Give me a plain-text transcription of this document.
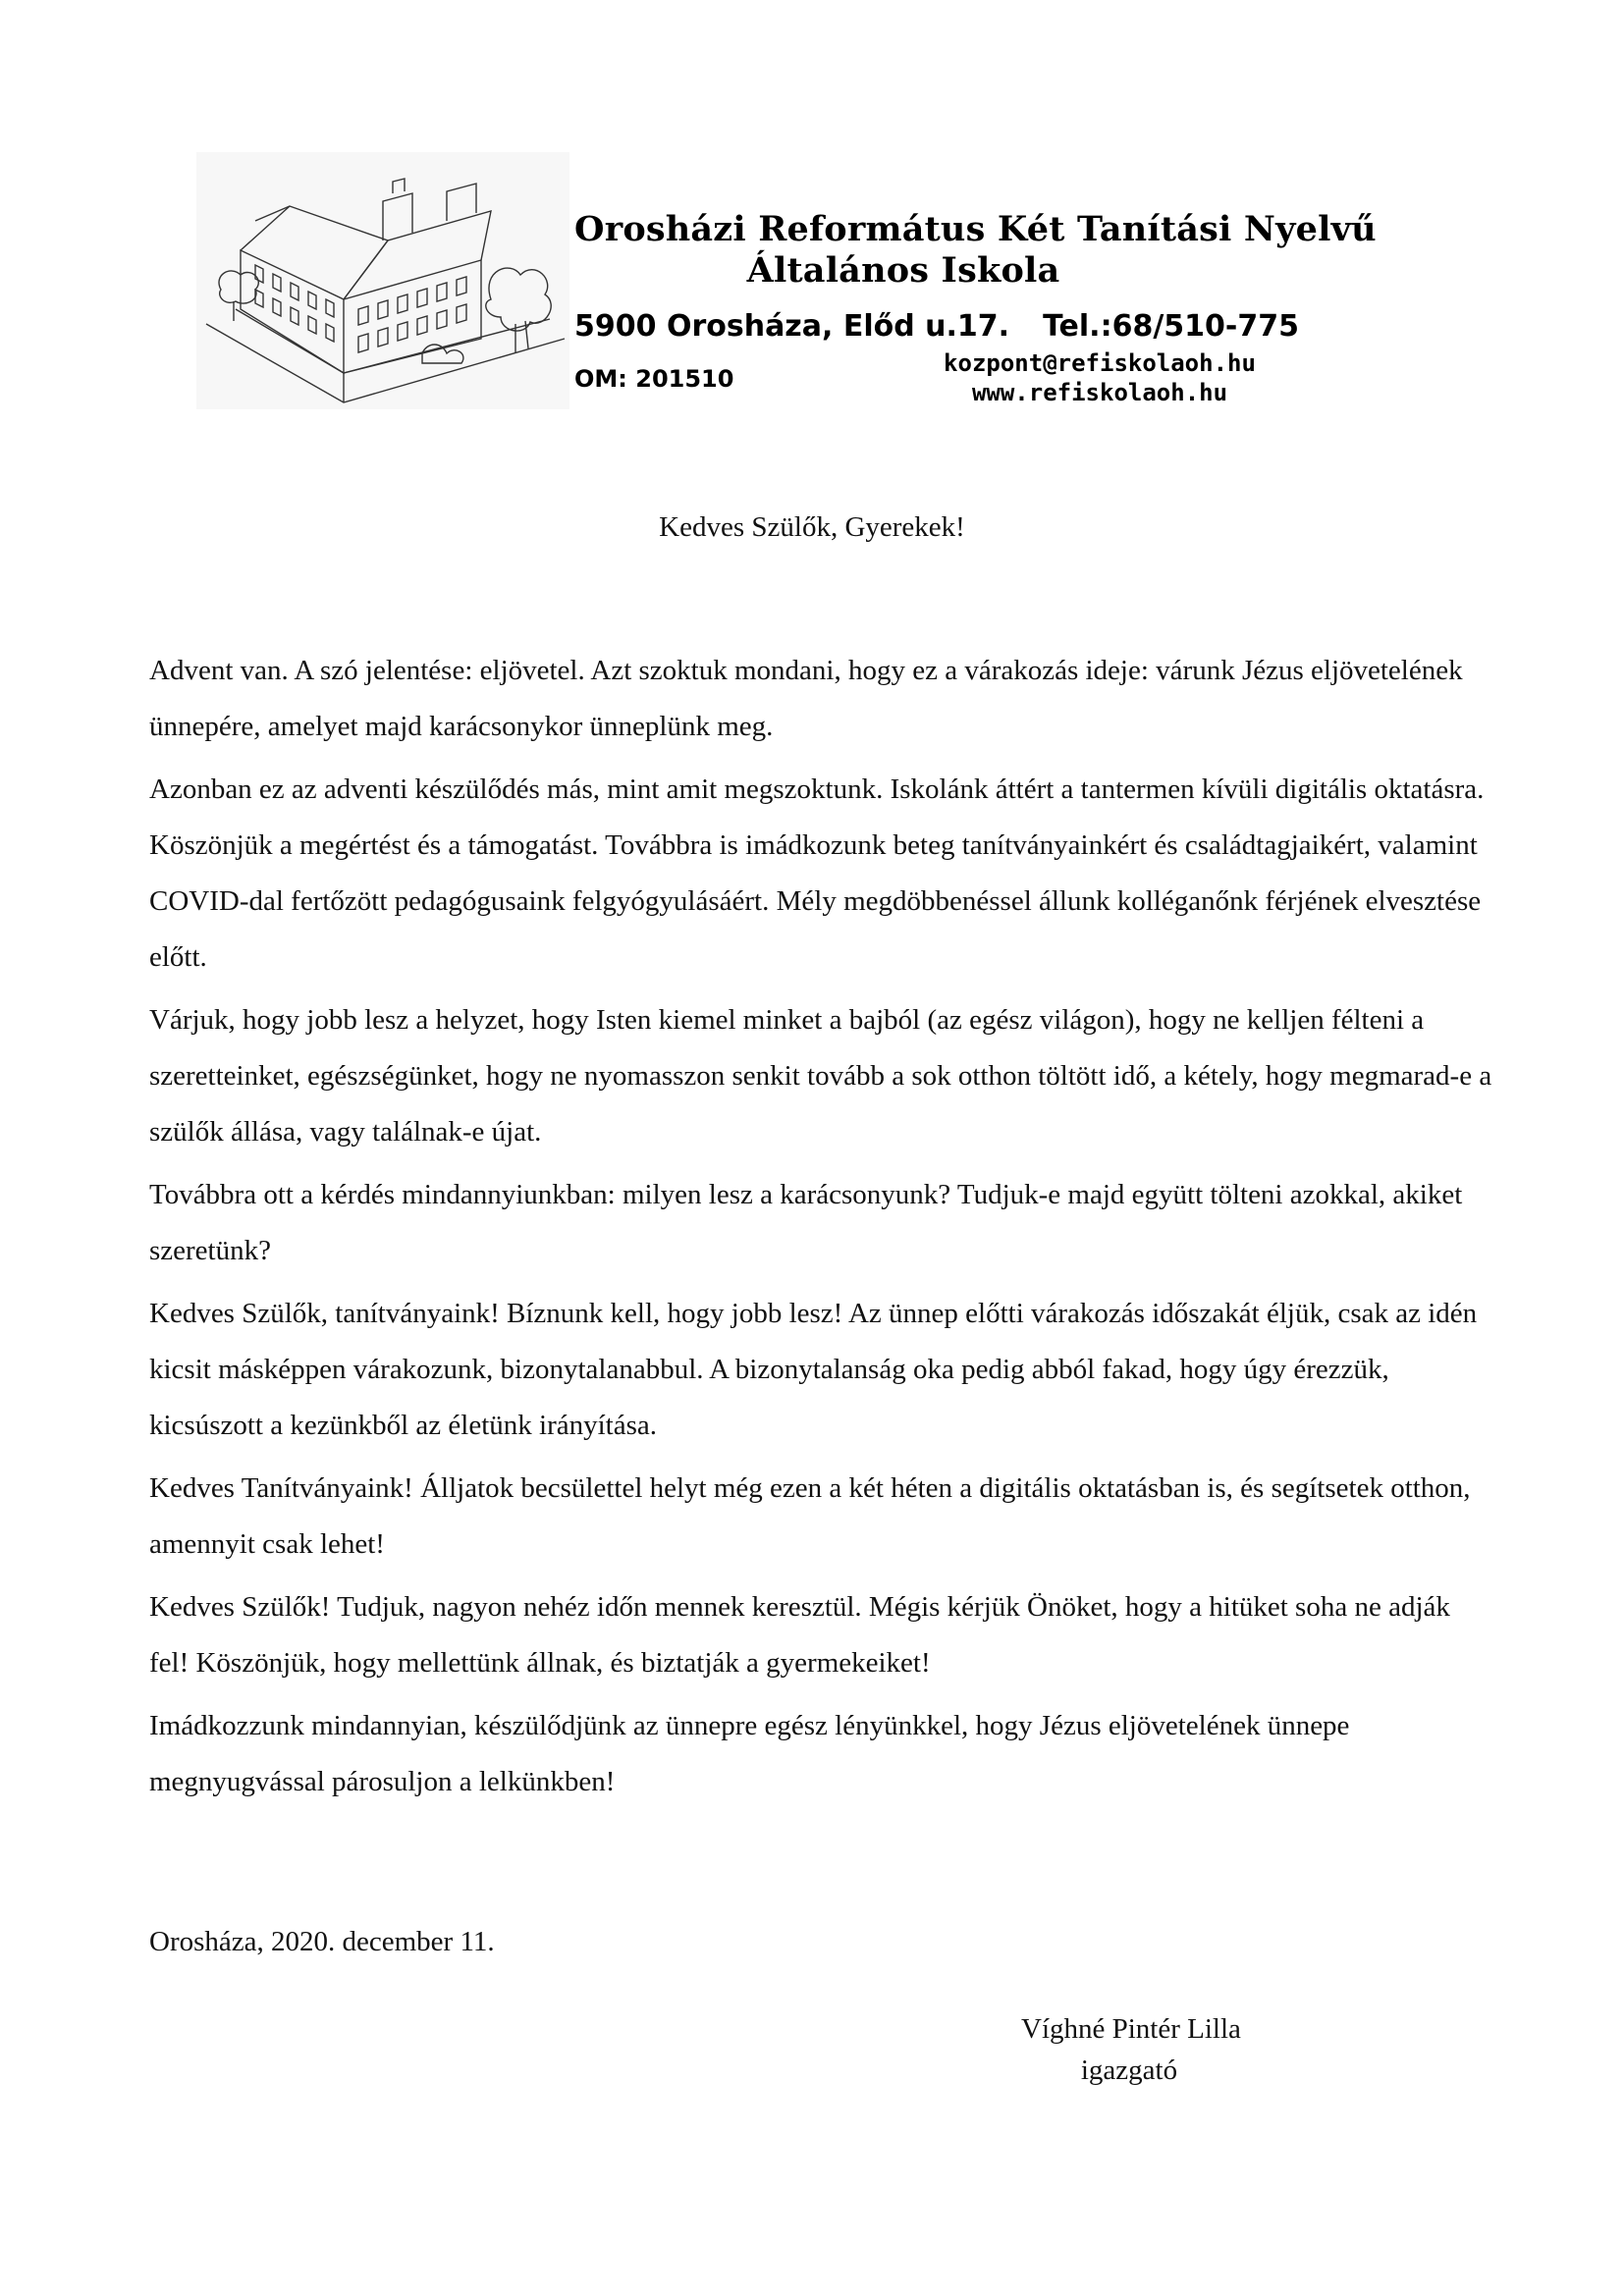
Orosházi Református Két Tanítási Nyelvű
Általános Iskola
5900 Orosháza, Előd u.17. Tel.:68/510-775
OM: 201510
kozpont@refiskolaoh.hu
www.refiskolaoh.hu
Kedves Szülők, Gyerekek!

Advent van. A szó jelentése: eljövetel. Azt szoktuk mondani, hogy ez a várakozás ideje: várunk Jézus eljövetelének ünnepére, amelyet majd karácsonykor ünneplünk meg.

Azonban ez az adventi készülődés más, mint amit megszoktunk. Iskolánk áttért a tantermen kívüli digitális oktatásra. Köszönjük a megértést és a támogatást. Továbbra is imádkozunk beteg tanítványainkért és családtagjaikért, valamint COVID-dal fertőzött pedagógusaink felgyógyulásáért. Mély megdöbbenéssel állunk kolléganőnk férjének elvesztése előtt.

Várjuk, hogy jobb lesz a helyzet, hogy Isten kiemel minket a bajból (az egész világon), hogy ne kelljen félteni a szeretteinket, egészségünket, hogy ne nyomasszon senkit tovább a sok otthon töltött idő, a kétely, hogy megmarad-e a szülők állása, vagy találnak-e újat.

Továbbra ott a kérdés mindannyiunkban: milyen lesz a karácsonyunk? Tudjuk-e majd együtt tölteni azokkal, akiket szeretünk?

Kedves Szülők, tanítványaink! Bíznunk kell, hogy jobb lesz! Az ünnep előtti várakozás időszakát éljük, csak az idén kicsit másképpen várakozunk, bizonytalanabbul. A bizonytalanság oka pedig abból fakad, hogy úgy érezzük, kicsúszott a kezünkből az életünk irányítása.

Kedves Tanítványaink! Álljatok becsülettel helyt még ezen a két héten a digitális oktatásban is, és segítsetek otthon, amennyit csak lehet!

Kedves Szülők! Tudjuk, nagyon nehéz időn mennek keresztül. Mégis kérjük Önöket, hogy a hitüket soha ne adják fel! Köszönjük, hogy mellettünk állnak, és biztatják a gyermekeiket!

Imádkozzunk mindannyian, készülődjünk az ünnepre egész lényünkkel, hogy Jézus eljövetelének ünnepe megnyugvással párosuljon a lelkünkben!

Orosháza, 2020. december 11.
Víghné Pintér Lilla
igazgató
